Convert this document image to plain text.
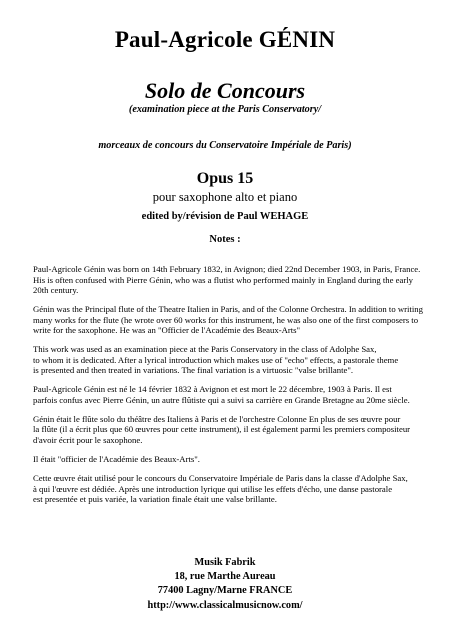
Paul-Agricole GÉNIN
Solo de Concours
(examination piece at the Paris Conservatory/
morceaux de concours du Conservatoire Impériale de Paris)
Opus 15
pour saxophone alto et piano
edited by/révision de Paul WEHAGE
Notes :

Paul-Agricole Génin was born on 14th February 1832, in Avignon; died 22nd December 1903, in Paris, France.
His is often confused with Pierre Génin, who was a flutist who performed mainly in England during the early
20th century.

Génin was the Principal flute of the Theatre Italien in Paris, and of the Colonne Orchestra. In addition to writing
many works for the flute (he wrote over 60 works for this instrument, he was also one of the first composers to
write for the saxophone. He was an "Officier de l'Académie des Beaux-Arts"

This work was used as an examination piece at the Paris Conservatory in the class of Adolphe Sax,
to whom it is dedicated. After a lyrical introduction which makes use of "echo" effects, a pastorale theme
is presented and then treated in variations. The final variation is a virtuosic "valse brillante".

Paul-Agricole Génin est né le 14 février 1832 à Avignon et est mort le 22 décembre, 1903 à Paris. Il est
parfois confus avec Pierre Génin, un autre flûtiste qui a suivi sa carrière en Grande Bretagne au 20me siècle.

Génin était le flûte solo du théâtre des Italiens à Paris et de l'orchestre Colonne En plus de ses œuvre pour
la flûte (il a écrit plus que 60 œuvres pour cette instrument), il est également parmi les premiers compositeur
d'avoir écrit pour le saxophone.

Il était "officier de l'Académie des Beaux-Arts".

Cette œuvre était utilisé pour le concours du Conservatoire Impériale de Paris dans la classe d'Adolphe Sax,
à qui l'œuvre est dédiée. Après une introduction lyrique qui utilise les effets d'écho, une danse pastorale
est presentée et puis variée, la variation finale était une valse brillante.

Musik Fabrik
18, rue Marthe Aureau
77400 Lagny/Marne FRANCE
http://www.classicalmusicnow.com/
